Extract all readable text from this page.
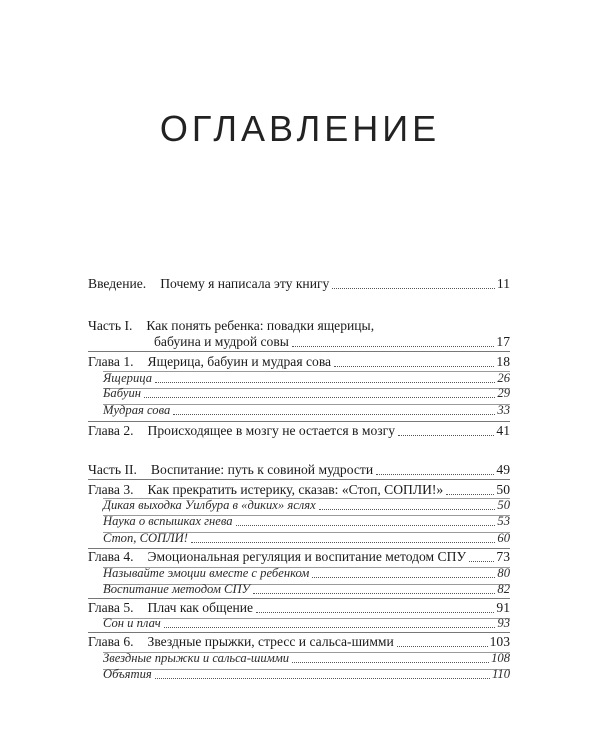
ОГЛАВЛЕНИЕ
Введение. Почему я написала эту книгу	11
Часть I. Как понять ребенка: повадки ящерицы,
бабуина и мудрой совы	17
Глава 1. Ящерица, бабуин и мудрая сова	18
Ящерица	26
Бабуин	29
Мудрая сова	33
Глава 2. Происходящее в мозгу не остается в мозгу	41
Часть II. Воспитание: путь к совиной мудрости	49
Глава 3. Как прекратить истерику, сказав: «Стоп, СОПЛИ!»	50
Дикая выходка Уилбура в «диких» яслях	50
Наука о вспышках гнева	53
Стоп, СОПЛИ!	60
Глава 4. Эмоциональная регуляция и воспитание методом СПУ 73
Называйте эмоции вместе с ребенком	80
Воспитание методом СПУ	82
Глава 5. Плач как общение	91
Сон и плач	93
Глава 6. Звездные прыжки, стресс и сальса-шимми	103
Звездные прыжки и сальса-шимми	108
Объятия	110
